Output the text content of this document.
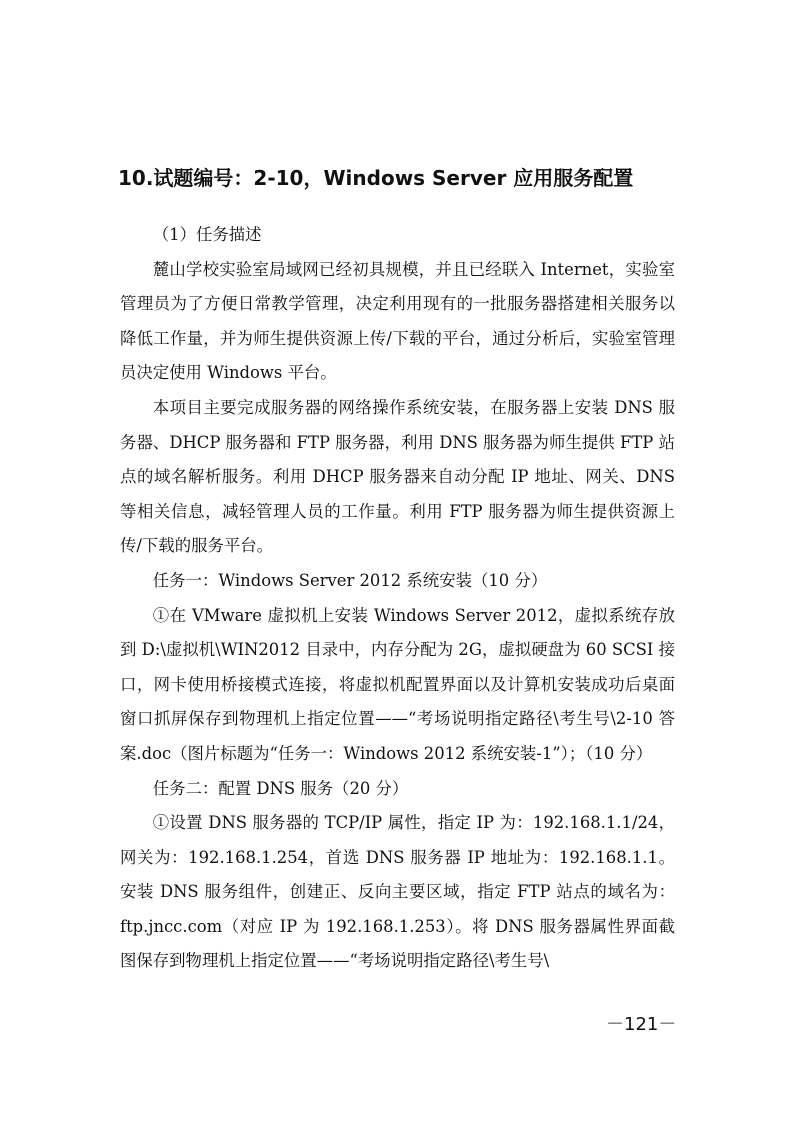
10.试题编号：2-10，Windows Server 应用服务配置

（1）任务描述

麓山学校实验室局域网已经初具规模，并且已经联入 Internet，实验室管理员为了方便日常教学管理，决定利用现有的一批服务器搭建相关服务以降低工作量，并为师生提供资源上传/下载的平台，通过分析后，实验室管理员决定使用 Windows 平台。

本项目主要完成服务器的网络操作系统安装，在服务器上安装 DNS 服务器、DHCP 服务器和 FTP 服务器，利用 DNS 服务器为师生提供 FTP 站点的域名解析服务。利用 DHCP 服务器来自动分配 IP 地址、网关、DNS 等相关信息，减轻管理人员的工作量。利用 FTP 服务器为师生提供资源上传/下载的服务平台。

任务一：Windows Server 2012 系统安装（10 分）

①在 VMware 虚拟机上安装 Windows Server 2012，虚拟系统存放到 D:\虚拟机\WIN2012 目录中，内存分配为 2G，虚拟硬盘为 60 SCSI 接口，网卡使用桥接模式连接，将虚拟机配置界面以及计算机安装成功后桌面窗口抓屏保存到物理机上指定位置——“考场说明指定路径\考生号\2-10 答案.doc（图片标题为“任务一：Windows 2012 系统安装-1”）；（10 分）

任务二：配置 DNS 服务（20 分）

①设置 DNS 服务器的 TCP/IP 属性，指定 IP 为：192.168.1.1/24，网关为：192.168.1.254，首选 DNS 服务器 IP 地址为：192.168.1.1。安装 DNS 服务组件，创建正、反向主要区域，指定 FTP 站点的域名为：ftp.jncc.com（对应 IP 为 192.168.1.253）。将 DNS 服务器属性界面截图保存到物理机上指定位置——“考场说明指定路径\考生号\

－121－
